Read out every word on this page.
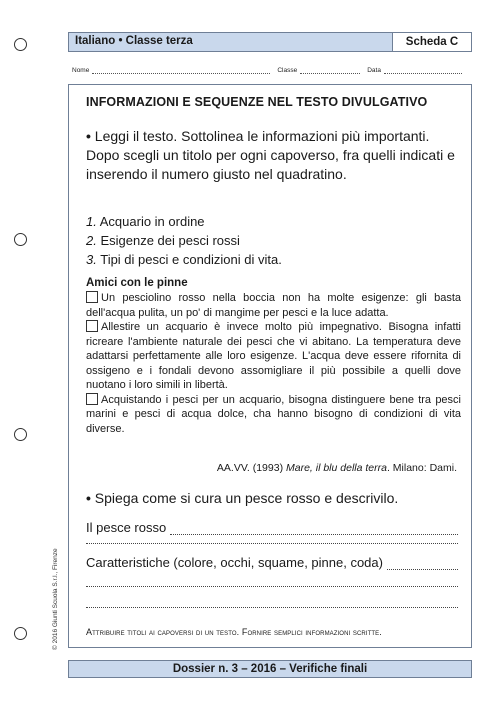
Italiano • Classe terza	Scheda C
Nome	Classe	Data
INFORMAZIONI E SEQUENZE NEL TESTO DIVULGATIVO
• Leggi il testo. Sottolinea le informazioni più importanti. Dopo scegli un titolo per ogni capoverso, fra quelli indicati e inserendo il numero giusto nel quadratino.
1. Acquario in ordine
2. Esigenze dei pesci rossi
3. Tipi di pesci e condizioni di vita.
Amici con le pinne

Un pesciolino rosso nella boccia non ha molte esigenze: gli basta dell'acqua pulita, un po' di mangime per pesci e la luce adatta.

Allestire un acquario è invece molto più impegnativo. Bisogna infatti ricreare l'ambiente naturale dei pesci che vi abitano. La temperatura deve adattarsi perfettamente alle loro esigenze. L'acqua deve essere rifornita di ossigeno e i fondali devono assomigliare il più possibile a quelli dove nuotano i loro simili in libertà.

Acquistando i pesci per un acquario, bisogna distinguere bene tra pesci marini e pesci di acqua dolce, cha hanno bisogno di condizioni di vita diverse.

AA.VV. (1993) Mare, il blu della terra. Milano: Dami.
• Spiega come si cura un pesce rosso e descrivilo.
Il pesce rosso
Caratteristiche (colore, occhi, squame, pinne, coda)
Attribuire titoli ai capoversi di un testo. Fornire semplici informazioni scritte.
Dossier n. 3 – 2016 – Verifiche finali
© 2016 Giunti Scuola S.r.l., Firenze
